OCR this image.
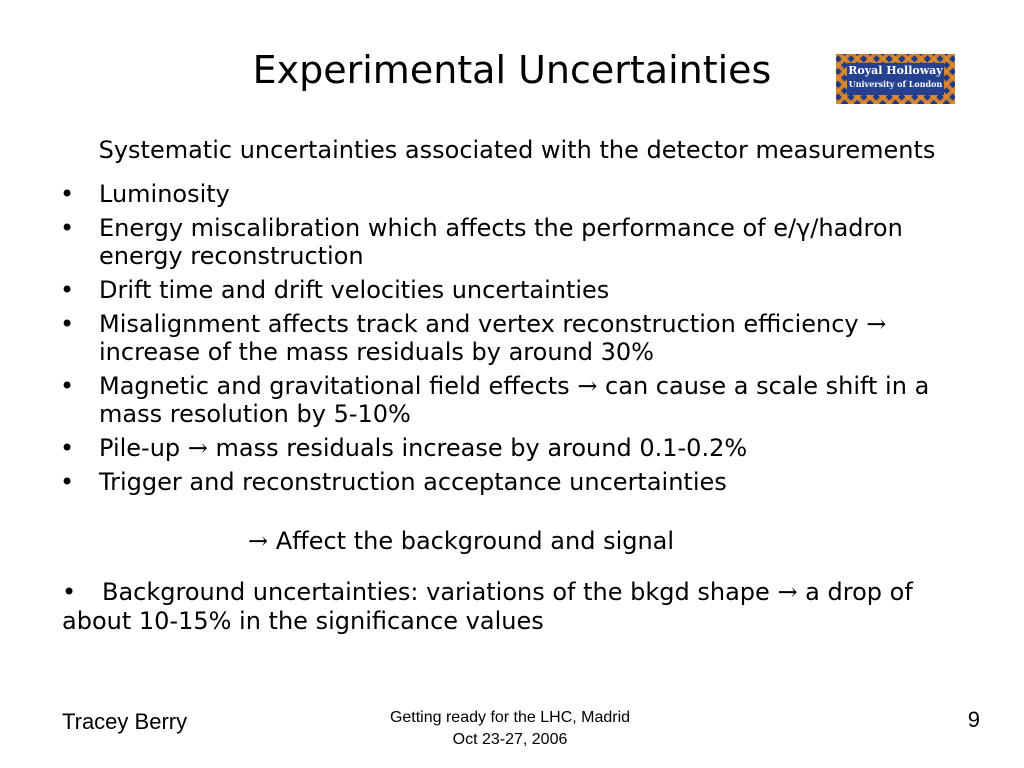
Experimental Uncertainties	Royal Holloway
University of London
Systematic uncertainties associated with the detector measurements
• Luminosity
• Energy miscalibration which affects the performance of e/γ/hadron energy reconstruction
• Drift time and drift velocities uncertainties
• Misalignment affects track and vertex reconstruction efficiency → increase of the mass residuals by around 30%
• Magnetic and gravitational field effects → can cause a scale shift in a mass resolution by 5-10%
• Pile-up → mass residuals increase by around 0.1-0.2%
• Trigger and reconstruction acceptance uncertainties
→ Affect the background and signal
• Background uncertainties: variations of the bkgd shape → a drop of about 10-15% in the significance values
Tracey Berry	Getting ready for the LHC, Madrid
Oct 23-27, 2006
9
